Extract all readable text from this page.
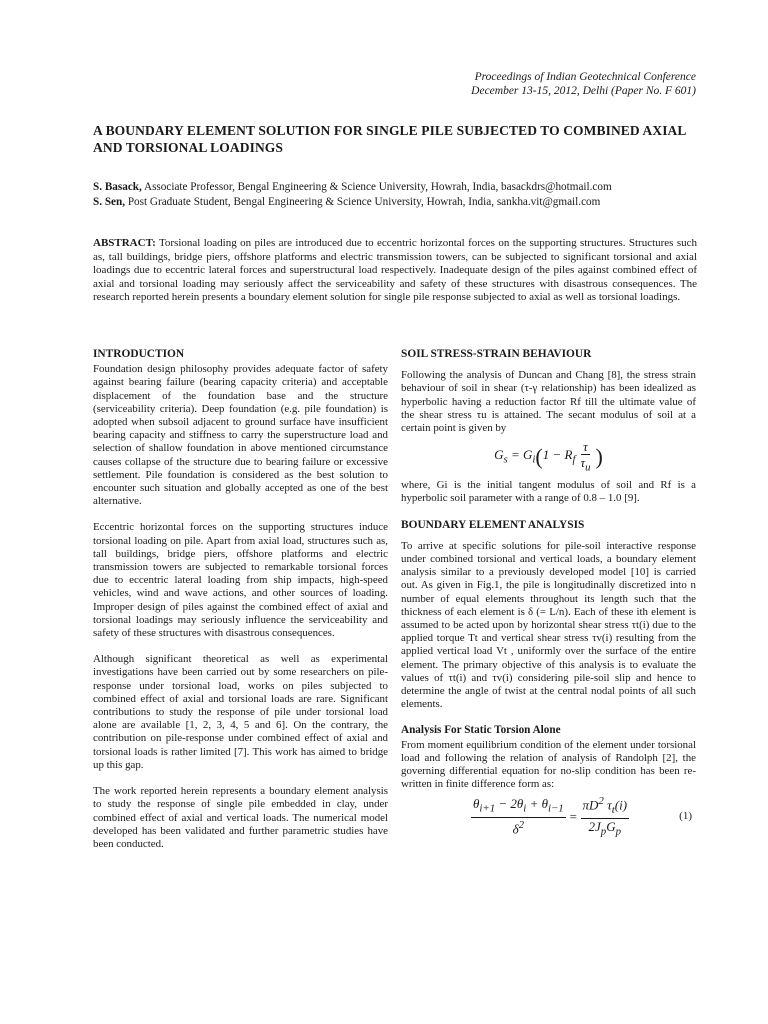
Proceedings of Indian Geotechnical Conference
December 13-15, 2012, Delhi (Paper No. F 601)
A BOUNDARY ELEMENT SOLUTION FOR SINGLE PILE SUBJECTED TO COMBINED AXIAL AND TORSIONAL LOADINGS
S. Basack, Associate Professor, Bengal Engineering & Science University, Howrah, India, basackdrs@hotmail.com
S. Sen, Post Graduate Student, Bengal Engineering & Science University, Howrah, India, sankha.vit@gmail.com

ABSTRACT: Torsional loading on piles are introduced due to eccentric horizontal forces on the supporting structures. Structures such as, tall buildings, bridge piers, offshore platforms and electric transmission towers, can be subjected to significant torsional and axial loadings due to eccentric lateral forces and superstructural load respectively. Inadequate design of the piles against combined effect of axial and torsional loading may seriously affect the serviceability and safety of these structures with disastrous consequences. The research reported herein presents a boundary element solution for single pile response subjected to axial as well as torsional loadings.

INTRODUCTION

Foundation design philosophy provides adequate factor of safety against bearing failure (bearing capacity criteria) and acceptable displacement of the foundation base and the structure (serviceability criteria). Deep foundation (e.g. pile foundation) is adopted when subsoil adjacent to ground surface have insufficient bearing capacity and stiffness to carry the superstructure load and selection of shallow foundation in above mentioned circumstance causes collapse of the structure due to bearing failure or excessive settlement. Pile foundation is considered as the best solution to encounter such situation and globally accepted as one of the best alternative.

Eccentric horizontal forces on the supporting structures induce torsional loading on pile. Apart from axial load, structures such as, tall buildings, bridge piers, offshore platforms and electric transmission towers are subjected to remarkable torsional forces due to eccentric lateral loading from ship impacts, high-speed vehicles, wind and wave actions, and other sources of loading. Improper design of piles against the combined effect of axial and torsional loadings may seriously influence the serviceability and safety of these structures with disastrous consequences.

Although significant theoretical as well as experimental investigations have been carried out by some researchers on pile-response under torsional load, works on piles subjected to combined effect of axial and torsional loads are rare. Significant contributions to study the response of pile under torsional load alone are available [1, 2, 3, 4, 5 and 6]. On the contrary, the contribution on pile-response under combined effect of axial and torsional loads is rather limited [7]. This work has aimed to bridge up this gap.

The work reported herein represents a boundary element analysis to study the response of single pile embedded in clay, under combined effect of axial and vertical loads. The numerical model developed has been validated and further parametric studies have been conducted.

SOIL STRESS-STRAIN BEHAVIOUR

Following the analysis of Duncan and Chang [8], the stress strain behaviour of soil in shear (τ-γ relationship) has been idealized as hyperbolic having a reduction factor Rf till the ultimate value of the shear stress τu is attained. The secant modulus of soil at a certain point is given by

$G_s = G_i$ ( $1 - R_f \frac{\tau}{\tau_u}$ )

where, Gi is the initial tangent modulus of soil and Rf is a hyperbolic soil parameter with a range of 0.8 – 1.0 [9].

BOUNDARY ELEMENT ANALYSIS

To arrive at specific solutions for pile-soil interactive response under combined torsional and vertical loads, a boundary element analysis similar to a previously developed model [10] is carried out. As given in Fig.1, the pile is longitudinally discretized into n number of equal elements throughout its length such that the thickness of each element is δ (= L/n). Each of these ith element is assumed to be acted upon by horizontal shear stress τt(i) due to the applied torque Tt and vertical shear stress τv(i) resulting from the applied vertical load Vt , uniformly over the surface of the entire element. The primary objective of this analysis is to evaluate the values of τt(i) and τv(i) considering pile-soil slip and hence to determine the angle of twist at the central nodal points of all such elements.

Analysis For Static Torsion Alone

From moment equilibrium condition of the element under torsional load and following the relation of analysis of Randolph [2], the governing differential equation for no-slip condition has been re-written in finite difference form as:

$\frac{\theta_{i+1} - 2\theta_i + \theta_{i-1}}{\delta^2} = \frac{\pi D^2 \tau_t(i)}{2J_pG_p}$	(1)
